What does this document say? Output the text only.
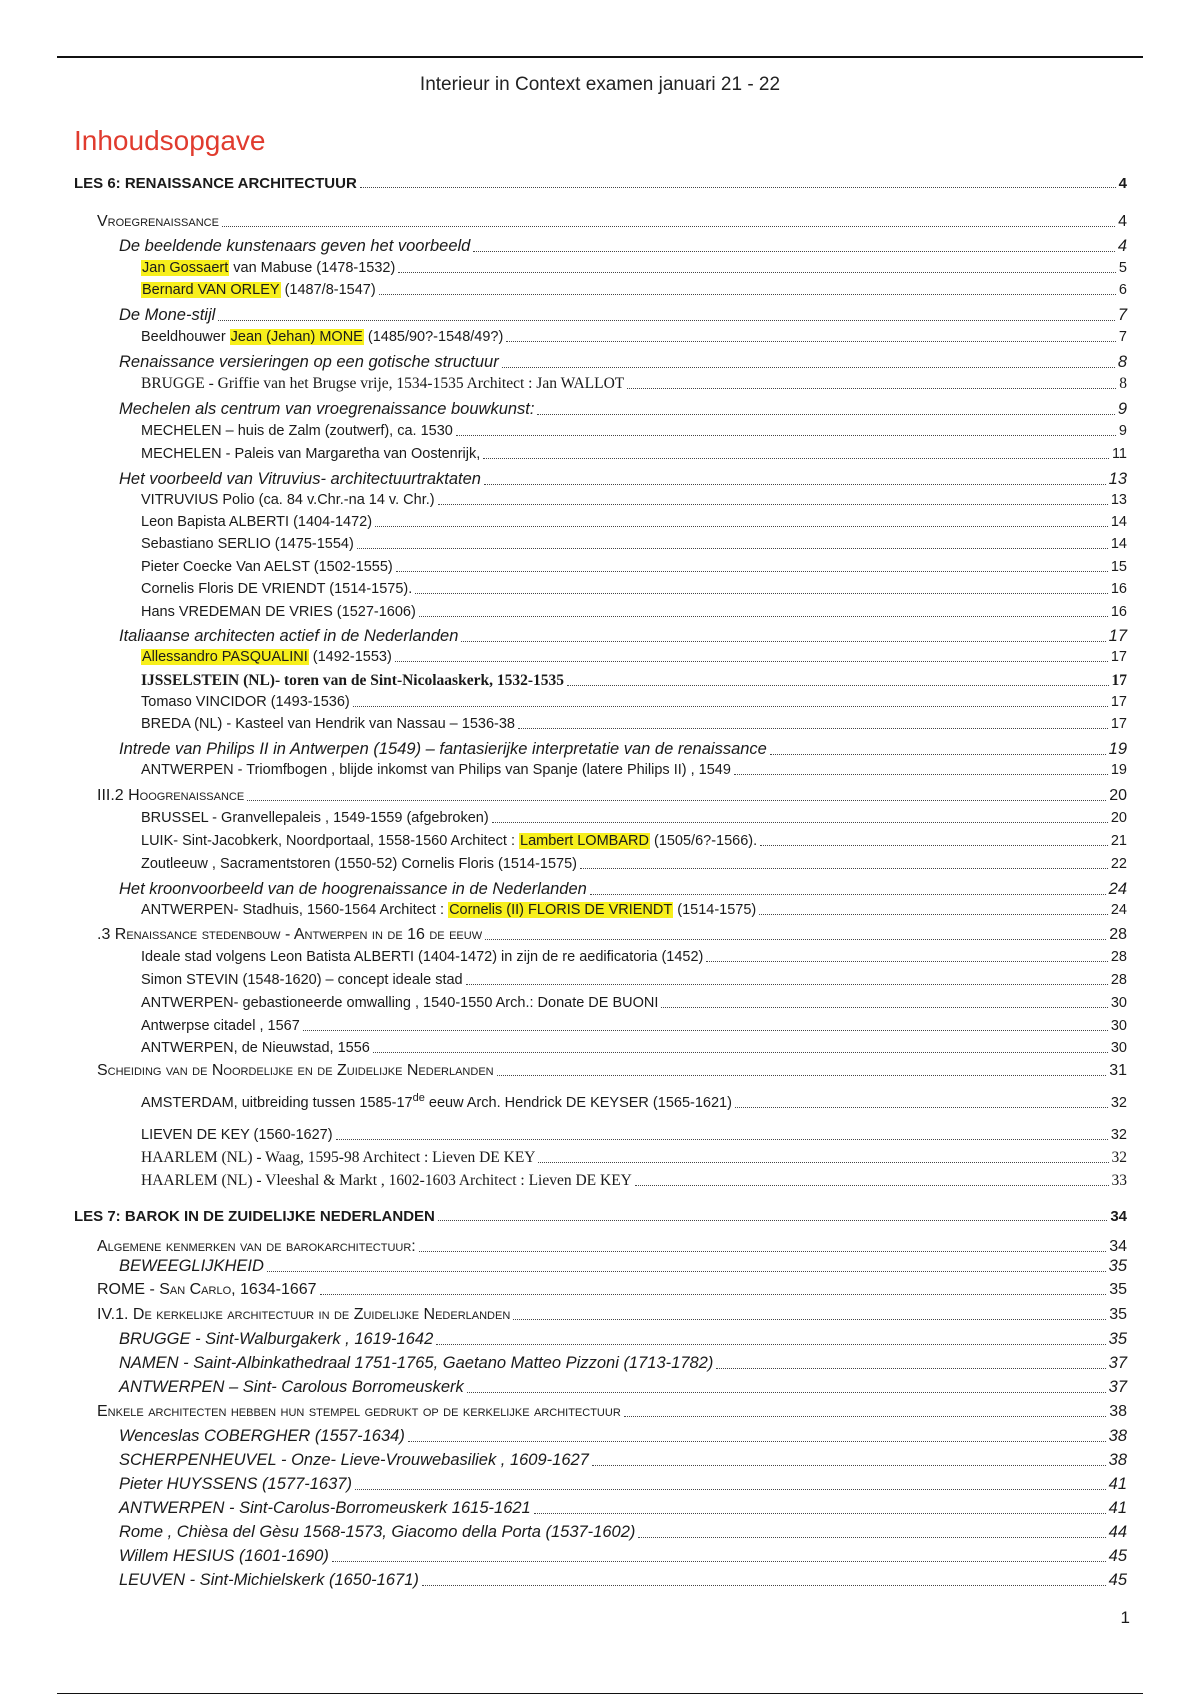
Interieur in Context examen januari 21 - 22
Inhoudsopgave
LES 6: RENAISSANCE ARCHITECTUUR	4
Vroegrenaissance	4
De beeldende kunstenaars geven het voorbeeld	4
Jan Gossaert van Mabuse (1478-1532)	5
Bernard VAN ORLEY (1487/8-1547)	6
De Mone-stijl	7
Beeldhouwer Jean (Jehan) MONE (1485/90?-1548/49?)	7
Renaissance versieringen op een gotische structuur	8
BRUGGE - Griffie van het Brugse vrije, 1534-1535 Architect : Jan WALLOT	8
Mechelen als centrum van vroegrenaissance bouwkunst:	9
MECHELEN – huis de Zalm (zoutwerf), ca. 1530	9
MECHELEN - Paleis van Margaretha van Oostenrijk,	11
Het voorbeeld van Vitruvius- architectuurtraktaten	13
VITRUVIUS Polio (ca. 84 v.Chr.-na 14 v. Chr.)	13
Leon Bapista ALBERTI (1404-1472)	14
Sebastiano SERLIO (1475-1554)	14
Pieter Coecke Van AELST (1502-1555)	15
Cornelis Floris DE VRIENDT (1514-1575).	16
Hans VREDEMAN DE VRIES (1527-1606)	16
Italiaanse architecten actief in de Nederlanden	17
Allessandro PASQUALINI (1492-1553)	17
IJSSELSTEIN (NL)- toren van de Sint-Nicolaaskerk, 1532-1535	17
Tomaso VINCIDOR (1493-1536)	17
BREDA (NL) - Kasteel van Hendrik van Nassau – 1536-38	17
Intrede van Philips II in Antwerpen (1549) – fantasierijke interpretatie van de renaissance	19
ANTWERPEN - Triomfbogen , blijde inkomst van Philips van Spanje (latere Philips II) , 1549	19
III.2 Hoogrenaissance	20
BRUSSEL - Granvellepaleis , 1549-1559 (afgebroken)	20
LUIK- Sint-Jacobkerk, Noordportaal, 1558-1560 Architect : Lambert LOMBARD (1505/6?-1566).	21
Zoutleeuw , Sacramentstoren (1550-52) Cornelis Floris (1514-1575)	22
Het kroonvoorbeeld van de hoogrenaissance in de Nederlanden	24
ANTWERPEN- Stadhuis, 1560-1564 Architect : Cornelis (II) FLORIS DE VRIENDT (1514-1575)	24
.3 Renaissance stedenbouw - Antwerpen in de 16 de eeuw	28
Ideale stad volgens Leon Batista ALBERTI (1404-1472) in zijn de re aedificatoria (1452)	28
Simon STEVIN (1548-1620) – concept ideale stad	28
ANTWERPEN- gebastioneerde omwalling , 1540-1550 Arch.: Donate DE BUONI	30
Antwerpse citadel , 1567	30
ANTWERPEN, de Nieuwstad, 1556	30
Scheiding van de Noordelijke en de Zuidelijke Nederlanden	31
AMSTERDAM, uitbreiding tussen 1585-17de eeuw Arch. Hendrick DE KEYSER (1565-1621)	32
LIEVEN DE KEY (1560-1627)	32
HAARLEM (NL) - Waag, 1595-98 Architect : Lieven DE KEY	32
HAARLEM (NL) - Vleeshal & Markt , 1602-1603 Architect : Lieven DE KEY	33
LES 7: BAROK IN DE ZUIDELIJKE NEDERLANDEN	34
Algemene kenmerken van de barokarchitectuur:	34
BEWEEGLIJKHEID	35
ROME - San Carlo, 1634-1667	35
IV.1. De kerkelijke architectuur in de Zuidelijke Nederlanden	35
BRUGGE - Sint-Walburgakerk , 1619-1642	35
NAMEN - Saint-Albinkathedraal 1751-1765, Gaetano Matteo Pizzoni (1713-1782)	37
ANTWERPEN – Sint- Carolous Borromeuskerk	37
Enkele architecten hebben hun stempel gedrukt op de kerkelijke architectuur	38
Wenceslas COBERGHER (1557-1634)	38
SCHERPENHEUVEL - Onze- Lieve-Vrouwebasiliek , 1609-1627	38
Pieter HUYSSENS (1577-1637)	41
ANTWERPEN - Sint-Carolus-Borromeuskerk 1615-1621	41
Rome , Chièsa del Gèsu 1568-1573, Giacomo della Porta (1537-1602)	44
Willem HESIUS (1601-1690)	45
LEUVEN - Sint-Michielskerk (1650-1671)	45
1
